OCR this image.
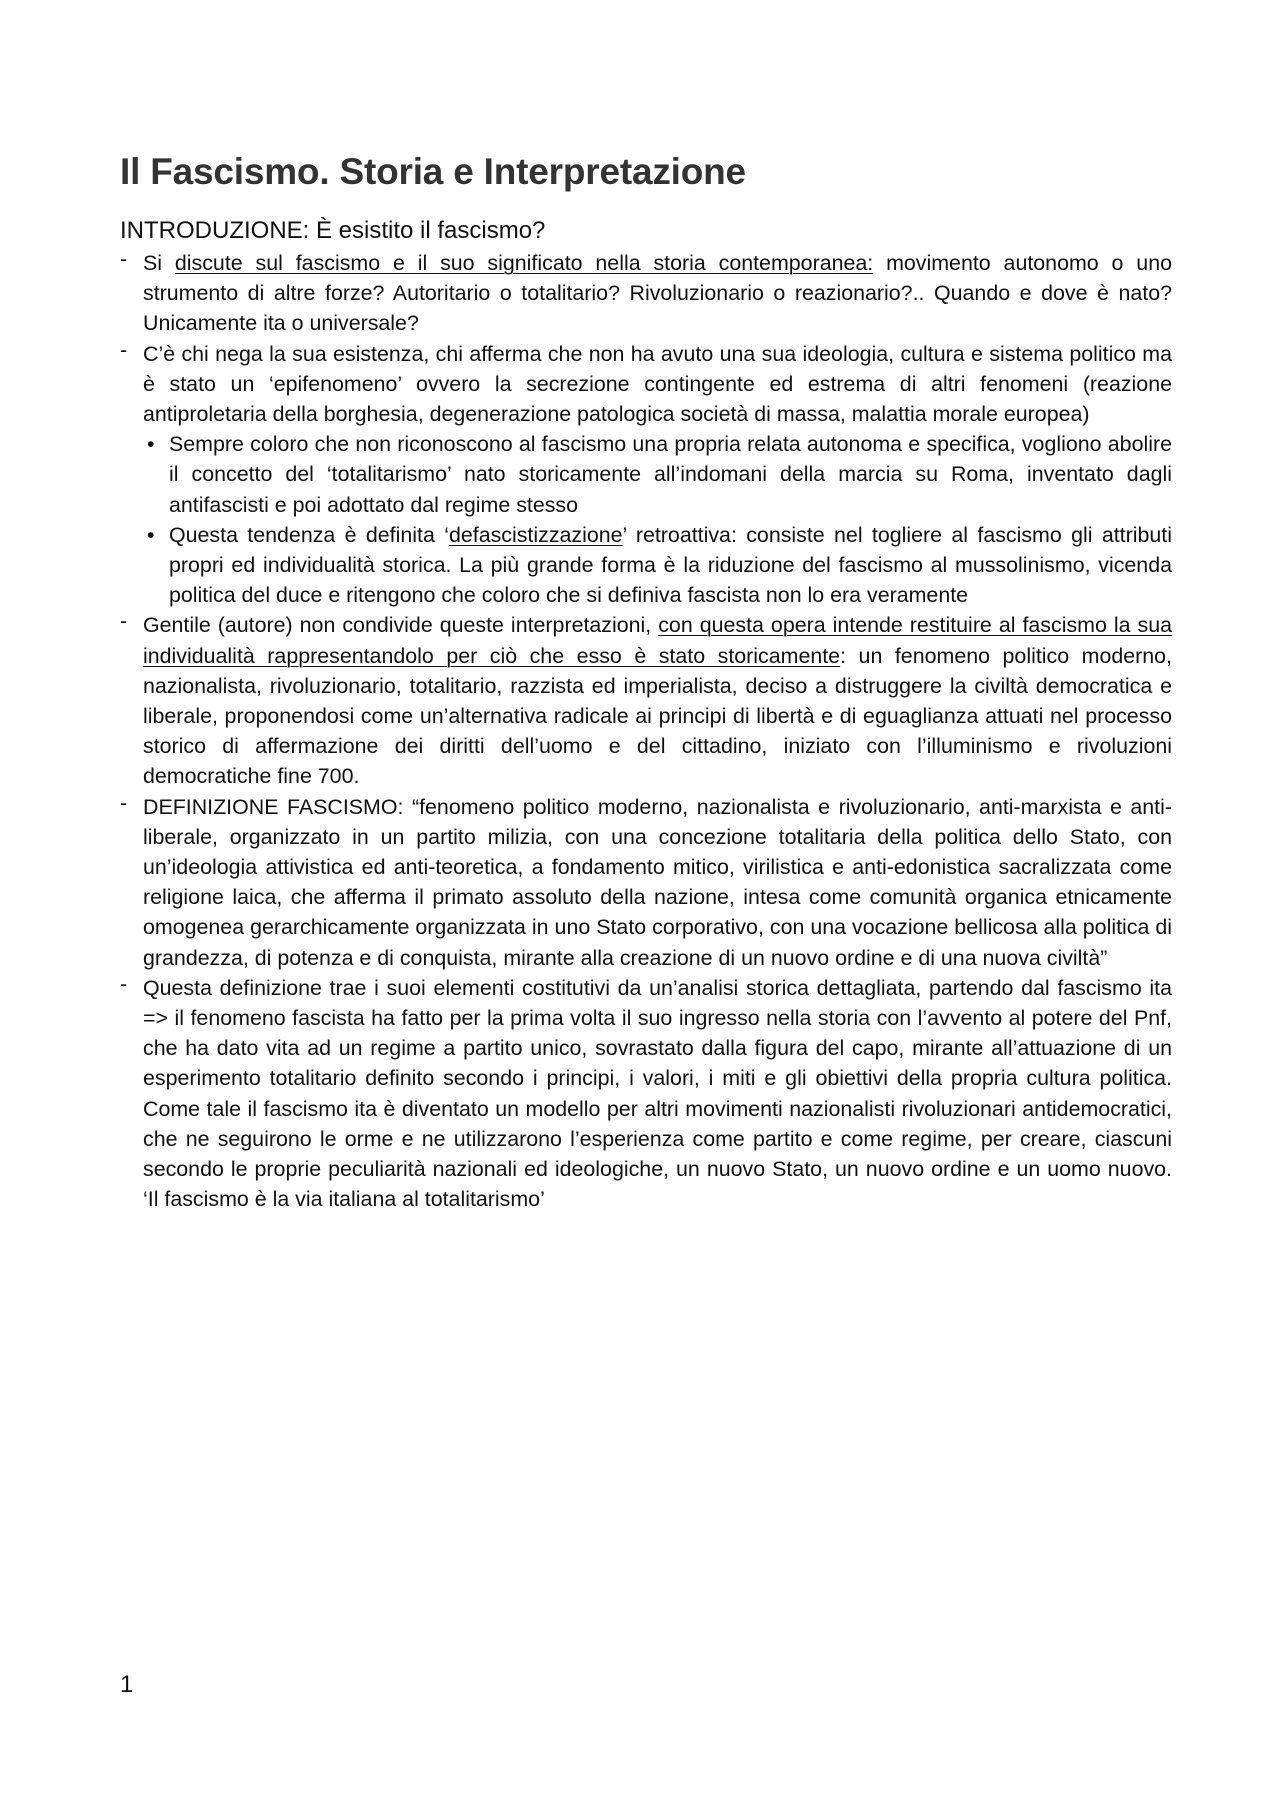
Il Fascismo. Storia e Interpretazione
INTRODUZIONE: È esistito il fascismo?
- Si discute sul fascismo e il suo significato nella storia contemporanea: movimento autonomo o uno strumento di altre forze? Autoritario o totalitario? Rivoluzionario o reazionario?.. Quando e dove è nato? Unicamente ita o universale?
- C’è chi nega la sua esistenza, chi afferma che non ha avuto una sua ideologia, cultura e sistema politico ma è stato un ‘epifenomeno’ ovvero la secrezione contingente ed estrema di altri fenomeni (reazione antiproletaria della borghesia, degenerazione patologica società di massa, malattia morale europea)
• Sempre coloro che non riconoscono al fascismo una propria relata autonoma e specifica, vogliono abolire il concetto del ‘totalitarismo’ nato storicamente all’indomani della marcia su Roma, inventato dagli antifascisti e poi adottato dal regime stesso
• Questa tendenza è definita ‘defascistizzazione’ retroattiva: consiste nel togliere al fascismo gli attributi propri ed individualità storica. La più grande forma è la riduzione del fascismo al mussolinismo, vicenda politica del duce e ritengono che coloro che si definiva fascista non lo era veramente
- Gentile (autore) non condivide queste interpretazioni, con questa opera intende restituire al fascismo la sua individualità rappresentandolo per ciò che esso è stato storicamente: un fenomeno politico moderno, nazionalista, rivoluzionario, totalitario, razzista ed imperialista, deciso a distruggere la civiltà democratica e liberale, proponendosi come un’alternativa radicale ai principi di libertà e di eguaglianza attuati nel processo storico di affermazione dei diritti dell’uomo e del cittadino, iniziato con l’illuminismo e rivoluzioni democratiche fine 700.
- DEFINIZIONE FASCISMO: “fenomeno politico moderno, nazionalista e rivoluzionario, anti-marxista e anti-liberale, organizzato in un partito milizia, con una concezione totalitaria della politica dello Stato, con un’ideologia attivistica ed anti-teoretica, a fondamento mitico, virilistica e anti-edonistica sacralizzata come religione laica, che afferma il primato assoluto della nazione, intesa come comunità organica etnicamente omogenea gerarchicamente organizzata in uno Stato corporativo, con una vocazione bellicosa alla politica di grandezza, di potenza e di conquista, mirante alla creazione di un nuovo ordine e di una nuova civiltà”
- Questa definizione trae i suoi elementi costitutivi da un’analisi storica dettagliata, partendo dal fascismo ita => il fenomeno fascista ha fatto per la prima volta il suo ingresso nella storia con l’avvento al potere del Pnf, che ha dato vita ad un regime a partito unico, sovrastato dalla figura del capo, mirante all’attuazione di un esperimento totalitario definito secondo i principi, i valori, i miti e gli obiettivi della propria cultura politica. Come tale il fascismo ita è diventato un modello per altri movimenti nazionalisti rivoluzionari antidemocratici, che ne seguirono le orme e ne utilizzarono l’esperienza come partito e come regime, per creare, ciascuni secondo le proprie peculiarità nazionali ed ideologiche, un nuovo Stato, un nuovo ordine e un uomo nuovo. ‘Il fascismo è la via italiana al totalitarismo’
1
